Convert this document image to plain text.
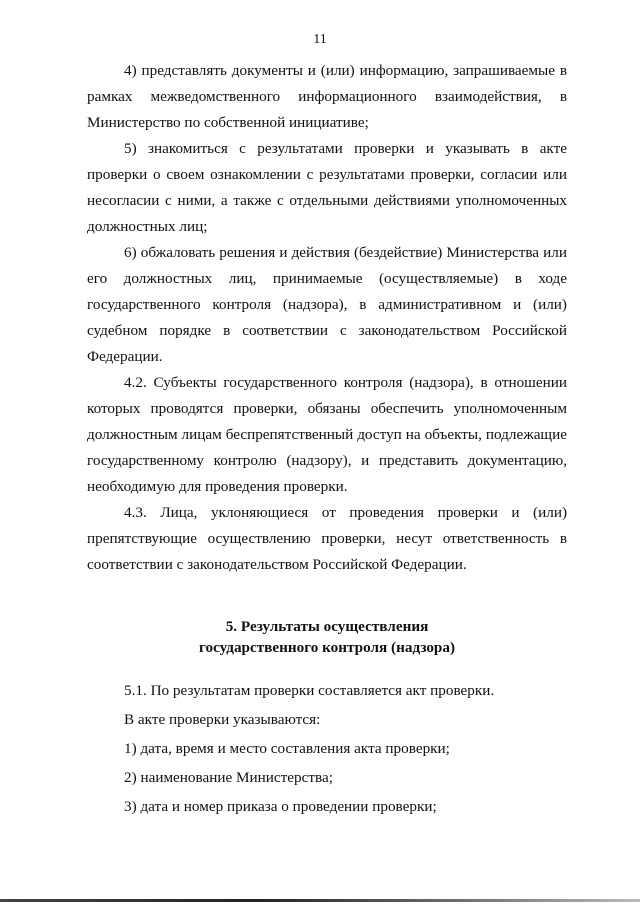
11

4) представлять документы и (или) информацию, запрашиваемые в рамках межведомственного информационного взаимодействия, в Министерство по собственной инициативе;

5) знакомиться с результатами проверки и указывать в акте проверки о своем ознакомлении с результатами проверки, согласии или несогласии с ними, а также с отдельными действиями уполномоченных должностных лиц;

6) обжаловать решения и действия (бездействие) Министерства или его должностных лиц, принимаемые (осуществляемые) в ходе государственного контроля (надзора), в административном и (или) судебном порядке в соответствии с законодательством Российской Федерации.

4.2. Субъекты государственного контроля (надзора), в отношении которых проводятся проверки, обязаны обеспечить уполномоченным должностным лицам беспрепятственный доступ на объекты, подлежащие государственному контролю (надзору), и представить документацию, необходимую для проведения проверки.

4.3. Лица, уклоняющиеся от проведения проверки и (или) препятствующие осуществлению проверки, несут ответственность в соответствии с законодательством Российской Федерации.

5. Результаты осуществления
государственного контроля (надзора)

5.1. По результатам проверки составляется акт проверки.

В акте проверки указываются:

1) дата, время и место составления акта проверки;

2) наименование Министерства;

3) дата и номер приказа о проведении проверки;
